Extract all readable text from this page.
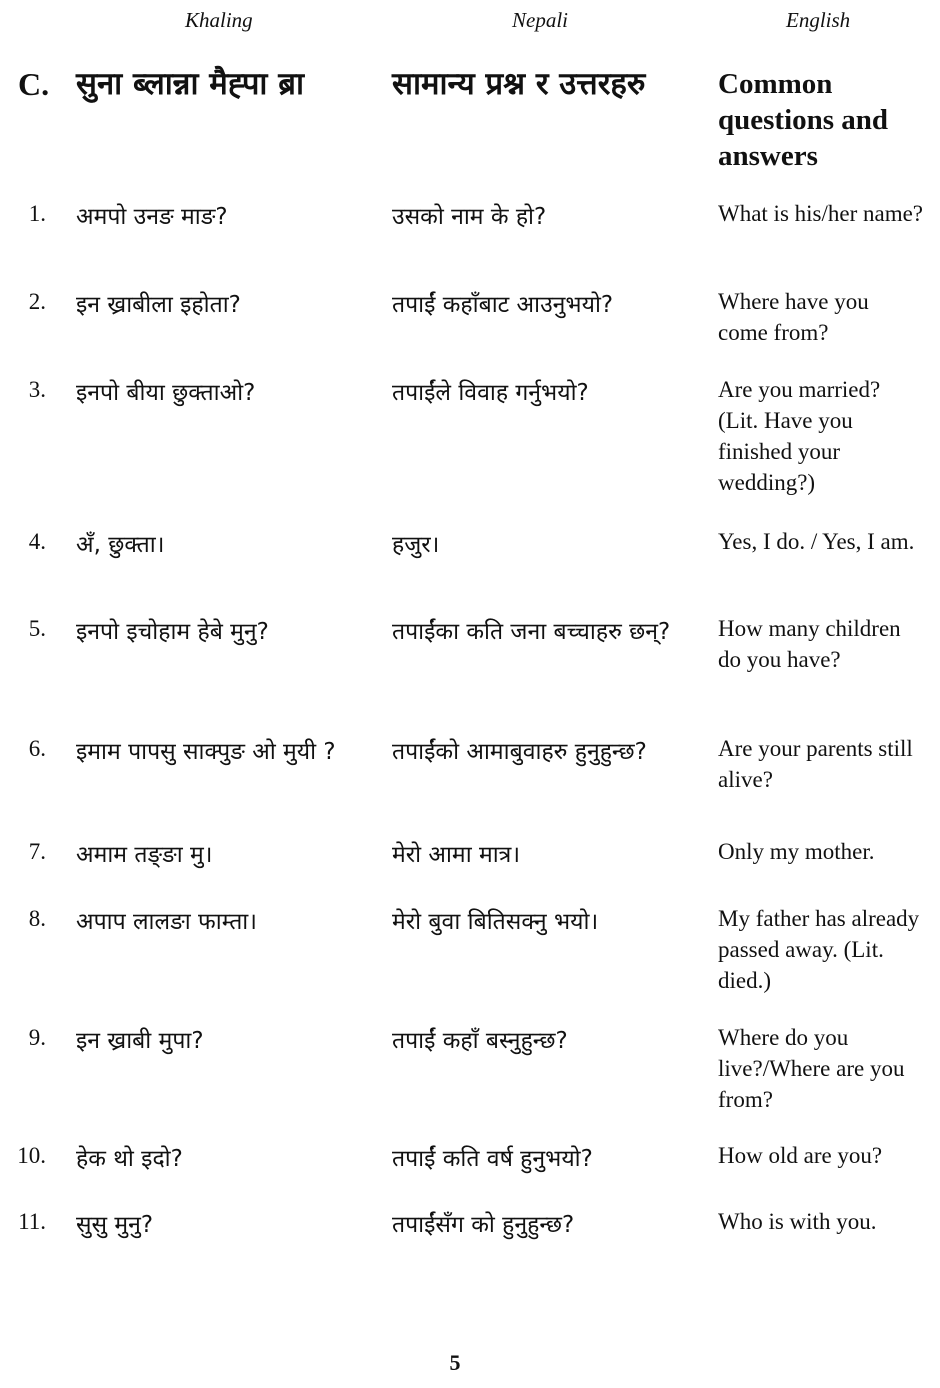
Khaling	Nepali	English
C. सुना ब्लान्ना मैह्पा ब्रा	सामान्य प्रश्न र उत्तरहरु	Common questions and answers
1. अमपो उनङ माङ?	उसको नाम के हो?	What is his/her name?
2. इन ख्राबीला इहोता?	तपाईं कहाँबाट आउनुभयो?	Where have you come from?
3. इनपो बीया छुक्ताओ?	तपाईंले विवाह गर्नुभयो?	Are you married? (Lit. Have you finished your wedding?)
4. अँ, छुक्ता।	हजुर।	Yes, I do. / Yes, I am.
5. इनपो इचोहाम हेबे मुनु?	तपाईंका कति जना बच्चाहरु छन्?	How many children do you have?
6. इमाम पापसु साक्पुङ ओ मुयी ?	तपाईंको आमाबुवाहरु हुनुहुन्छ?	Are your parents still alive?
7. अमाम तङ्ङा मु।	मेरो आमा मात्र।	Only my mother.
8. अपाप लालङा फाम्ता।	मेरो बुवा बितिसक्नु भयो।	My father has already passed away. (Lit. died.)
9. इन ख्राबी मुपा?	तपाईं कहाँ बस्नुहुन्छ?	Where do you live?/Where are you from?
10. हेक थो इदो?	तपाईं कति वर्ष हुनुभयो?	How old are you?
11. सुसु मुनु?	तपाईंसँग को हुनुहुन्छ?	Who is with you.
5
